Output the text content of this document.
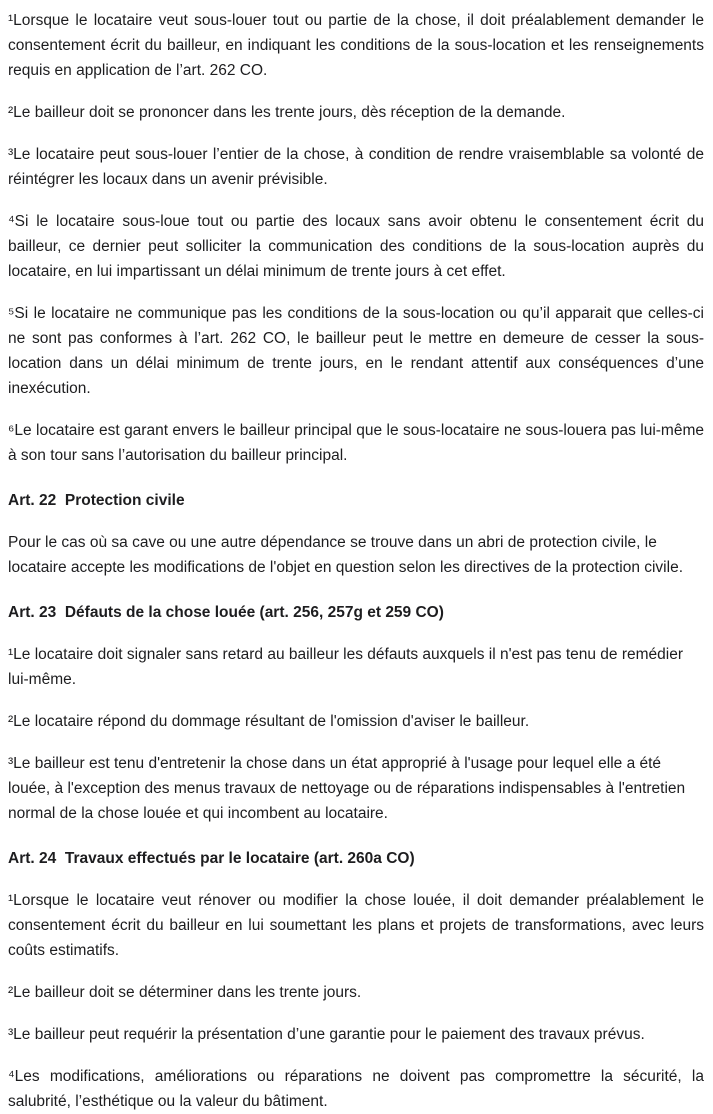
¹Lorsque le locataire veut sous-louer tout ou partie de la chose, il doit préalablement demander le consentement écrit du bailleur, en indiquant les conditions de la sous-location et les renseignements requis en application de l’art. 262 CO.

²Le bailleur doit se prononcer dans les trente jours, dès réception de la demande.

³Le locataire peut sous-louer l’entier de la chose, à condition de rendre vraisemblable sa volonté de réintégrer les locaux dans un avenir prévisible.

⁴Si le locataire sous-loue tout ou partie des locaux sans avoir obtenu le consentement écrit du bailleur, ce dernier peut solliciter la communication des conditions de la sous-location auprès du locataire, en lui impartissant un délai minimum de trente jours à cet effet.

⁵Si le locataire ne communique pas les conditions de la sous-location ou qu’il apparait que celles-ci ne sont pas conformes à l’art. 262 CO, le bailleur peut le mettre en demeure de cesser la sous-location dans un délai minimum de trente jours, en le rendant attentif aux conséquences d’une inexécution.

⁶Le locataire est garant envers le bailleur principal que le sous-locataire ne sous-louera pas lui-même à son tour sans l’autorisation du bailleur principal.

Art. 22  Protection civile

Pour le cas où sa cave ou une autre dépendance se trouve dans un abri de protection civile, le locataire accepte les modifications de l'objet en question selon les directives de la protection civile.

Art. 23  Défauts de la chose louée (art. 256, 257g et 259 CO)

¹Le locataire doit signaler sans retard au bailleur les défauts auxquels il n'est pas tenu de remédier lui-même.

²Le locataire répond du dommage résultant de l'omission d'aviser le bailleur.

³Le bailleur est tenu d'entretenir la chose dans un état approprié à l'usage pour lequel elle a été louée, à l'exception des menus travaux de nettoyage ou de réparations indispensables à l'entretien normal de la chose louée et qui incombent au locataire.

Art. 24  Travaux effectués par le locataire (art. 260a CO)

¹Lorsque le locataire veut rénover ou modifier la chose louée, il doit demander préalablement le consentement écrit du bailleur en lui soumettant les plans et projets de transformations, avec leurs coûts estimatifs.

²Le bailleur doit se déterminer dans les trente jours.

³Le bailleur peut requérir la présentation d’une garantie pour le paiement des travaux prévus.

⁴Les modifications, améliorations ou réparations ne doivent pas compromettre la sécurité, la salubrité, l’esthétique ou la valeur du bâtiment.
